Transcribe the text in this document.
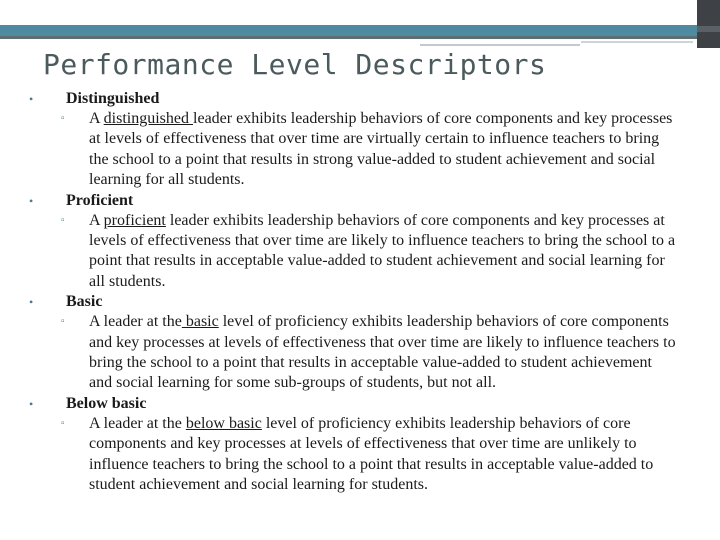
Performance Level Descriptors
• Distinguished
▫ A distinguished leader exhibits leadership behaviors of core components and key processes at levels of effectiveness that over time are virtually certain to influence teachers to bring the school to a point that results in strong value-added to student achievement and social learning for all students.
• Proficient
▫ A proficient leader exhibits leadership behaviors of core components and key processes at levels of effectiveness that over time are likely to influence teachers to bring the school to a point that results in acceptable value-added to student achievement and social learning for all students.
• Basic
▫ A leader at the basic level of proficiency exhibits leadership behaviors of core components and key processes at levels of effectiveness that over time are likely to influence teachers to bring the school to a point that results in acceptable value-added to student achievement and social learning for some sub-groups of students, but not all.
• Below basic
▫ A leader at the below basic level of proficiency exhibits leadership behaviors of core components and key processes at levels of effectiveness that over time are unlikely to influence teachers to bring the school to a point that results in acceptable value-added to student achievement and social learning for students.
